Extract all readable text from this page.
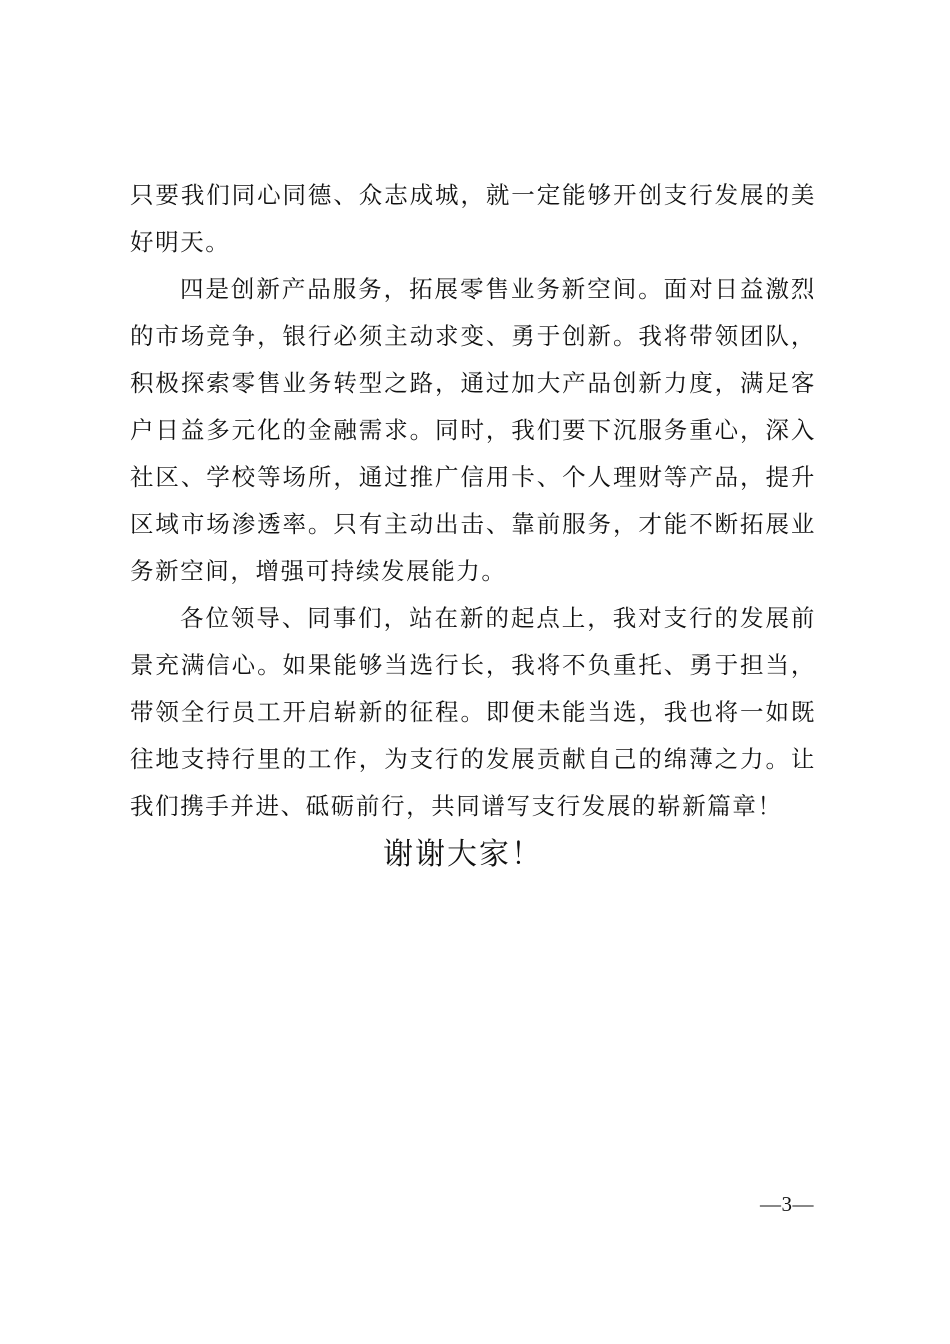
只要我们同心同德、众志成城，就一定能够开创支行发展的美好明天。

四是创新产品服务，拓展零售业务新空间。面对日益激烈的市场竞争，银行必须主动求变、勇于创新。我将带领团队，积极探索零售业务转型之路，通过加大产品创新力度，满足客户日益多元化的金融需求。同时，我们要下沉服务重心，深入社区、学校等场所，通过推广信用卡、个人理财等产品，提升区域市场渗透率。只有主动出击、靠前服务，才能不断拓展业务新空间，增强可持续发展能力。

各位领导、同事们，站在新的起点上，我对支行的发展前景充满信心。如果能够当选行长，我将不负重托、勇于担当，带领全行员工开启崭新的征程。即便未能当选，我也将一如既往地支持行里的工作，为支行的发展贡献自己的绵薄之力。让我们携手并进、砥砺前行，共同谱写支行发展的崭新篇章！

谢谢大家！

—3—
